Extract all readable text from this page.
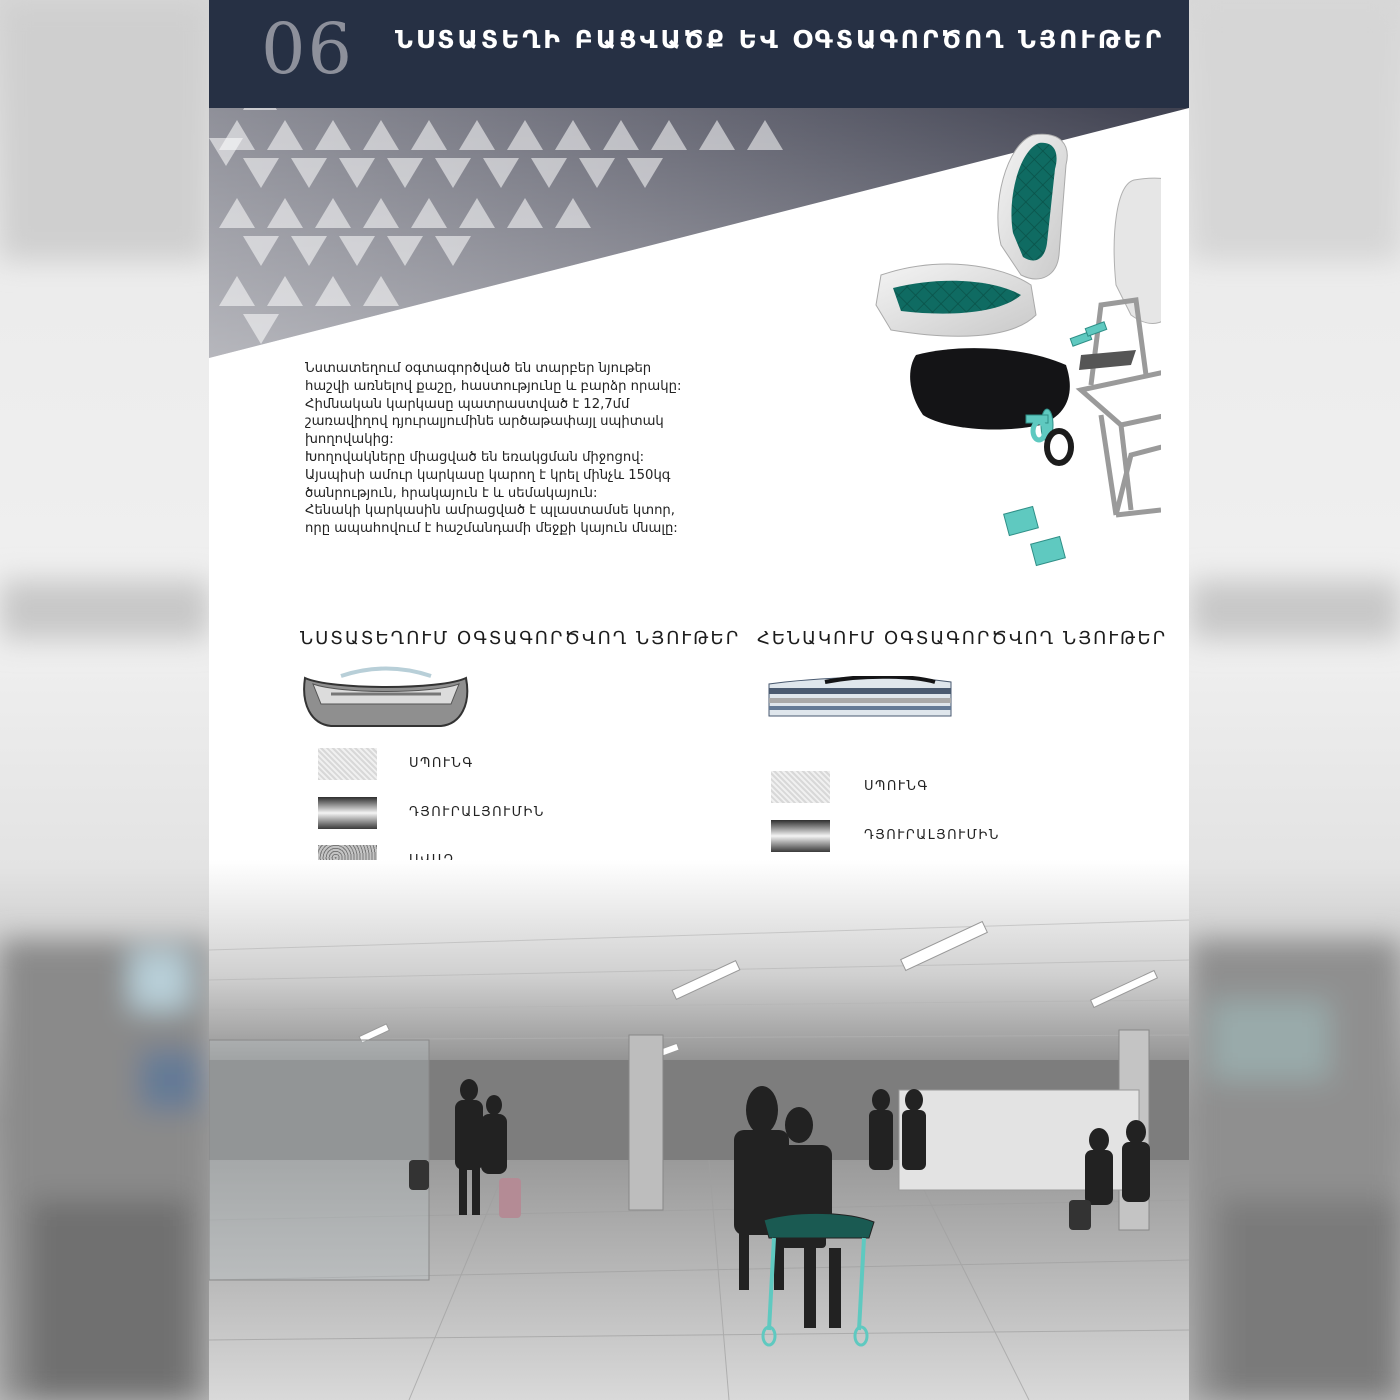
06 ՆՍՏԱՏԵՂԻ ԲԱՑՎԱԾՔ ԵՎ ՕԳՏԱԳՈՐԾՈՂ ՆՅՈՒԹԵՐ
Նստատեղում օգտագործված են տարբեր նյութեր
հաշվի առնելով քաշը, հաստությունը և բարձր որակը:
Հիմնական կարկասը պատրաստված է 12,7մմ
շառավիղով դյուրալյումինե արծաթափայլ սպիտակ
խողովակից:
Խողովակները միացված են եռակցման միջոցով:
Այսպիսի ամուր կարկասը կարող է կրել մինչև 150կգ
ծանրություն, հրակայուն է և սեմակայուն:
Հենակի կարկասին ամրացված է պլաստամսե կտոր,
որը ապահովում է հաշմանդամի մեջքի կայուն մնալը:
ՆՍՏԱՏԵՂՈՒՄ ՕԳՏԱԳՈՐԾՎՈՂ ՆՅՈՒԹԵՐ ՀԵՆԱԿՈՒՄ ՕԳՏԱԳՈՐԾՎՈՂ ՆՅՈՒԹԵՐ
ՍՊՈՒՆԳ
ԴՅՈՒՐԱԼՅՈՒՄԻՆ
ՍՊՈՒՆԳ
ԴՅՈՒՐԱԼՅՈՒՄԻՆ
